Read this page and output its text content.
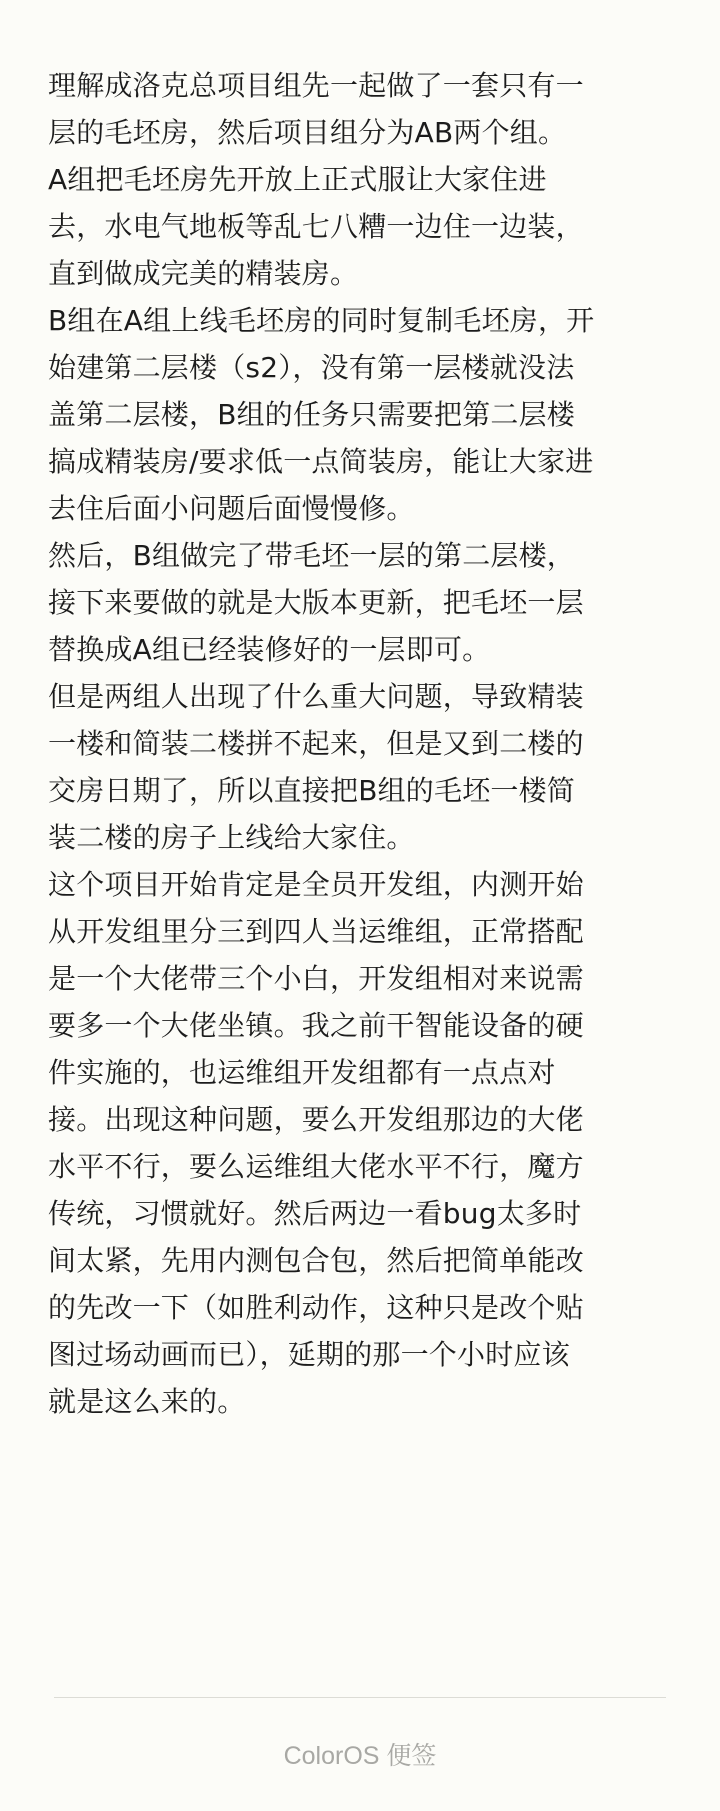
理解成洛克总项目组先一起做了一套只有一
层的毛坯房，然后项目组分为AB两个组。
A组把毛坯房先开放上正式服让大家住进
去，水电气地板等乱七八糟一边住一边装，
直到做成完美的精装房。
B组在A组上线毛坯房的同时复制毛坯房，开
始建第二层楼（s2），没有第一层楼就没法
盖第二层楼，B组的任务只需要把第二层楼
搞成精装房/要求低一点简装房，能让大家进
去住后面小问题后面慢慢修。
然后，B组做完了带毛坯一层的第二层楼，
接下来要做的就是大版本更新，把毛坯一层
替换成A组已经装修好的一层即可。
但是两组人出现了什么重大问题，导致精装
一楼和简装二楼拼不起来，但是又到二楼的
交房日期了，所以直接把B组的毛坯一楼简
装二楼的房子上线给大家住。
这个项目开始肯定是全员开发组，内测开始
从开发组里分三到四人当运维组，正常搭配
是一个大佬带三个小白，开发组相对来说需
要多一个大佬坐镇。我之前干智能设备的硬
件实施的，也运维组开发组都有一点点对
接。出现这种问题，要么开发组那边的大佬
水平不行，要么运维组大佬水平不行，魔方
传统，习惯就好。然后两边一看bug太多时
间太紧，先用内测包合包，然后把简单能改
的先改一下（如胜利动作，这种只是改个贴
图过场动画而已），延期的那一个小时应该
就是这么来的。
ColorOS 便签
